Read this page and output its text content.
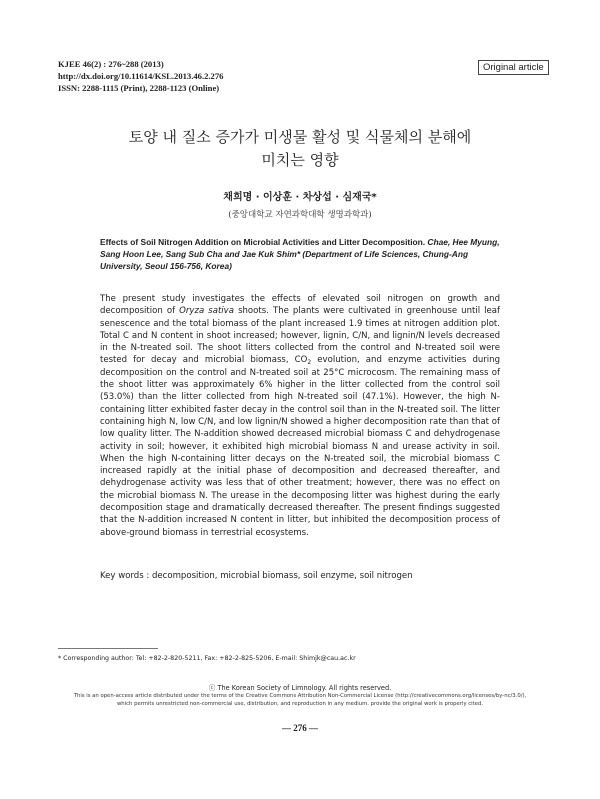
KJEE 46(2) : 276~288 (2013)
http://dx.doi.org/10.11614/KSL.2013.46.2.276
ISSN: 2288-1115 (Print), 2288-1123 (Online)
Original article
토양 내 질소 증가가 미생물 활성 및 식물체의 분해에
미치는 영향
채희명 · 이상훈 · 차상섭 · 심재국*
(중앙대학교 자연과학대학 생명과학과)
Effects of Soil Nitrogen Addition on Microbial Activities and Litter Decomposition. Chae, Hee Myung, Sang Hoon Lee, Sang Sub Cha and Jae Kuk Shim* (Department of Life Sciences, Chung-Ang University, Seoul 156-756, Korea)
The present study investigates the effects of elevated soil nitrogen on growth and decomposition of Oryza sativa shoots. The plants were cultivated in greenhouse until leaf senescence and the total biomass of the plant increased 1.9 times at nitrogen addition plot. Total C and N content in shoot increased; however, lignin, C/N, and lignin/N levels decreased in the N-treated soil. The shoot litters collected from the control and N-treated soil were tested for decay and microbial biomass, $CO_2$ evolution, and enzyme activities during decomposition on the control and N-treated soil at 25°C microcosm. The remaining mass of the shoot litter was approximately 6% higher in the litter collected from the control soil (53.0%) than the litter collected from high N-treated soil (47.1%). However, the high N-containing litter exhibited faster decay in the control soil than in the N-treated soil. The litter containing high N, low C/N, and low lignin/N showed a higher decomposition rate than that of low quality litter. The N-addition showed decreased microbial biomass C and dehydrogenase activity in soil; however, it exhibited high microbial biomass N and urease activity in soil. When the high N-containing litter decays on the N-treated soil, the microbial biomass C increased rapidly at the initial phase of decomposition and decreased thereafter, and dehydrogenase activity was less that of other treatment; however, there was no effect on the microbial biomass N. The urease in the decomposing litter was highest during the early decomposition stage and dramatically decreased thereafter. The present findings suggested that the N-addition increased N content in litter, but inhibited the decomposition process of above-ground biomass in terrestrial ecosystems.
Key words : decomposition, microbial biomass, soil enzyme, soil nitrogen
* Corresponding author: Tel: +82-2-820-5211, Fax: +82-2-825-5206, E-mail: Shimjk@cau.ac.kr
ⓒ The Korean Society of Limnology. All rights reserved.
This is an open-access article distributed under the terms of the Creative Commons Attribution Non-Commercial License (http://creativecommons.org/licenses/by-nc/3.0/),
which permits unrestricted non-commercial use, distribution, and reproduction in any medium, provide the original work is properly cited.
— 276 —
